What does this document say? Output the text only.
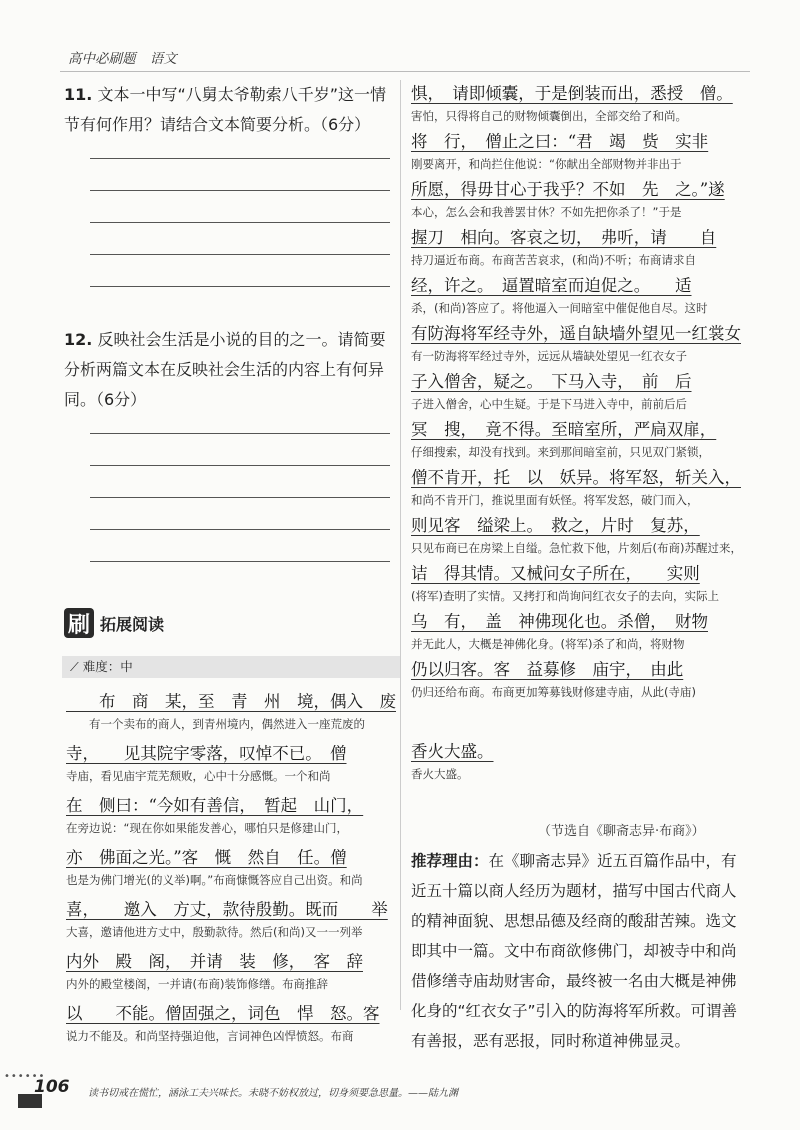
高中必刷题 语文
11. 文本一中写“八舅太爷勒索八千岁”这一情节有何作用？请结合文本简要分析。（6分）
12. 反映社会生活是小说的目的之一。请简要分析两篇文本在反映社会生活的内容上有何异同。（6分）
刷 拓展阅读
⟋ 难度：中
　　布　商　某，至　青　州　境，偶入　废
　　有一个卖布的商人，到青州境内，偶然进入一座荒废的
寺，　　见其院宇零落，叹悼不已。　僧
寺庙，看见庙宇荒芜颓败，心中十分感慨。一个和尚
在　侧曰：“今如有善信，　暂起　山门，
在旁边说：“现在你如果能发善心，哪怕只是修建山门，
亦　佛面之光。”客　慨　然自　任。僧
也是为佛门增光(的义举)啊。”布商慷慨答应自己出资。和尚
喜，　　邀入　方丈，款待殷勤。既而　　举
大喜，邀请他进方丈中，殷勤款待。然后(和尚)又一一列举
内外　殿　阁，　并请　装　修，　客　辞
内外的殿堂楼阁，一并请(布商)装饰修缮。布商推辞
以　　不能。僧固强之，词色　悍　怒。客
说力不能及。和尚坚持强迫他，言词神色凶悍愤怒。布商
惧，　请即倾囊，于是倒装而出，悉授　僧。
害怕，只得将自己的财物倾囊倒出，全部交给了和尚。
将　行，　僧止之曰：“君　竭　赀　实非
刚要离开，和尚拦住他说：“你献出全部财物并非出于
所愿，得毋甘心于我乎？不如　先　之。”遂
本心，怎么会和我善罢甘休？不如先把你杀了！”于是
握刀　相向。客哀之切，　弗听，请　　自
持刀逼近布商。布商苦苦哀求，(和尚)不听；布商请求自
经，许之。　逼置暗室而迫促之。　　适
杀，(和尚)答应了。将他逼入一间暗室中催促他自尽。这时
有防海将军经寺外，遥自缺墙外望见一红裳女
有一防海将军经过寺外，远远从墙缺处望见一红衣女子
子入僧舍，疑之。　下马入寺，　前　后
子进入僧舍，心中生疑。于是下马进入寺中，前前后后
冥　搜，　竟不得。至暗室所，严扃双扉，
仔细搜索，却没有找到。来到那间暗室前，只见双门紧锁，
僧不肯开，托　以　妖异。将军怒，斩关入，
和尚不肯开门，推说里面有妖怪。将军发怒，破门而入，
则见客　缢梁上。　救之，片时　复苏，
只见布商已在房梁上自缢。急忙救下他，片刻后(布商)苏醒过来，
诘　得其情。又械问女子所在，　　实则
(将军)查明了实情。又拷打和尚询问红衣女子的去向，实际上
乌　有，　盖　神佛现化也。杀僧，　财物
并无此人，大概是神佛化身。(将军)杀了和尚，将财物
仍以归客。客　益募修　庙宇，　由此
仍归还给布商。布商更加筹募钱财修建寺庙，从此(寺庙)
香火大盛。
香火大盛。
（节选自《聊斋志异·布商》）
推荐理由：在《聊斋志异》近五百篇作品中，有近五十篇以商人经历为题材，描写中国古代商人的精神面貌、思想品德及经商的酸甜苦辣。选文即其中一篇。文中布商欲修佛门，却被寺中和尚借修缮寺庙劫财害命，最终被一名由大概是神佛化身的“红衣女子”引入的防海将军所救。可谓善有善报，恶有恶报，同时称道神佛显灵。
••••••
106 读书切戒在慌忙，涵泳工夫兴味长。未晓不妨权放过，切身须要急思量。——陆九渊
